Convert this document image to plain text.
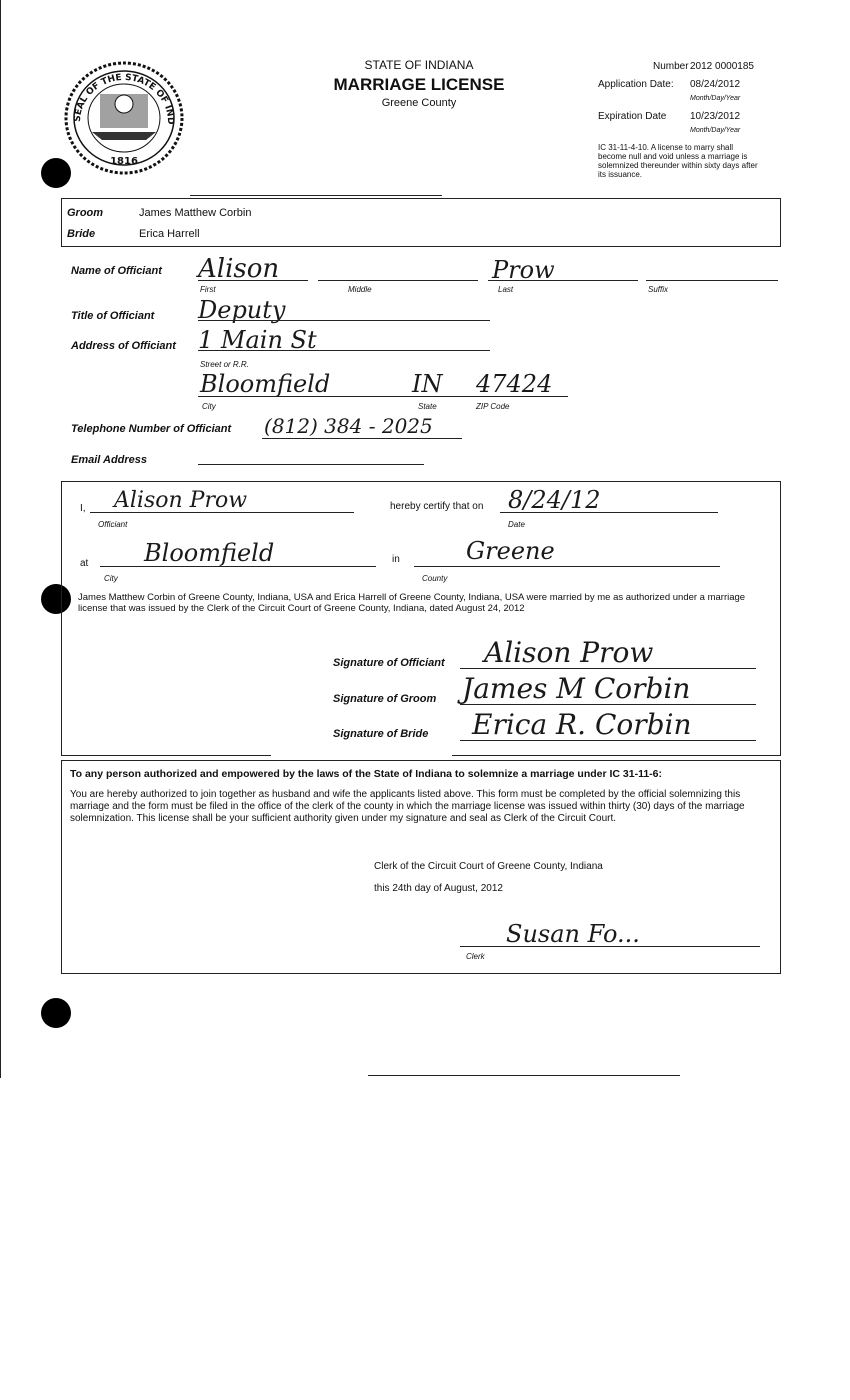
SEAL OF THE STATE OF IND
1816
STATE OF INDIANA
MARRIAGE LICENSE
Greene County
Number 2012 0000185
Application Date: 08/24/2012
Month/Day/Year
Expiration Date 10/23/2012
Month/Day/Year
IC 31-11-4-10. A license to marry shall become null and void unless a marriage is solemnized thereunder within sixty days after its issuance.
Groom	James Matthew Corbin
Bride	Erica Harrell
Name of Officiant Alison	Prow
First	Middle	Last	Suffix
Title of Officiant Deputy
Address of Officiant 1 Main St
Street or R.R.
Bloomfield	IN 47424
City	State	ZIP Code
Telephone Number of Officiant (812) 384 - 2025
Email Address
I, Alison Prow
Officiant
hereby certify that on 8/24/12
Date
at Bloomfield
City
in	Greene
County
James Matthew Corbin of Greene County, Indiana, USA and Erica Harrell of Greene County, Indiana, USA were married by me as authorized under a marriage license that was issued by the Clerk of the Circuit Court of Greene County, Indiana, dated August 24, 2012
Signature of Officiant Alison Prow
Signature of Groom James M Corbin
Signature of Bride Erica R. Corbin
To any person authorized and empowered by the laws of the State of Indiana to solemnize a marriage under IC 31-11-6:
You are hereby authorized to join together as husband and wife the applicants listed above. This form must be completed by the official solemnizing this marriage and the form must be filed in the office of the clerk of the county in which the marriage license was issued within thirty (30) days of the marriage solemnization. This license shall be your sufficient authority given under my signature and seal as Clerk of the Circuit Court.
Clerk of the Circuit Court of Greene County, Indiana
this 24th day of August, 2012
Susan Fo...
Clerk
